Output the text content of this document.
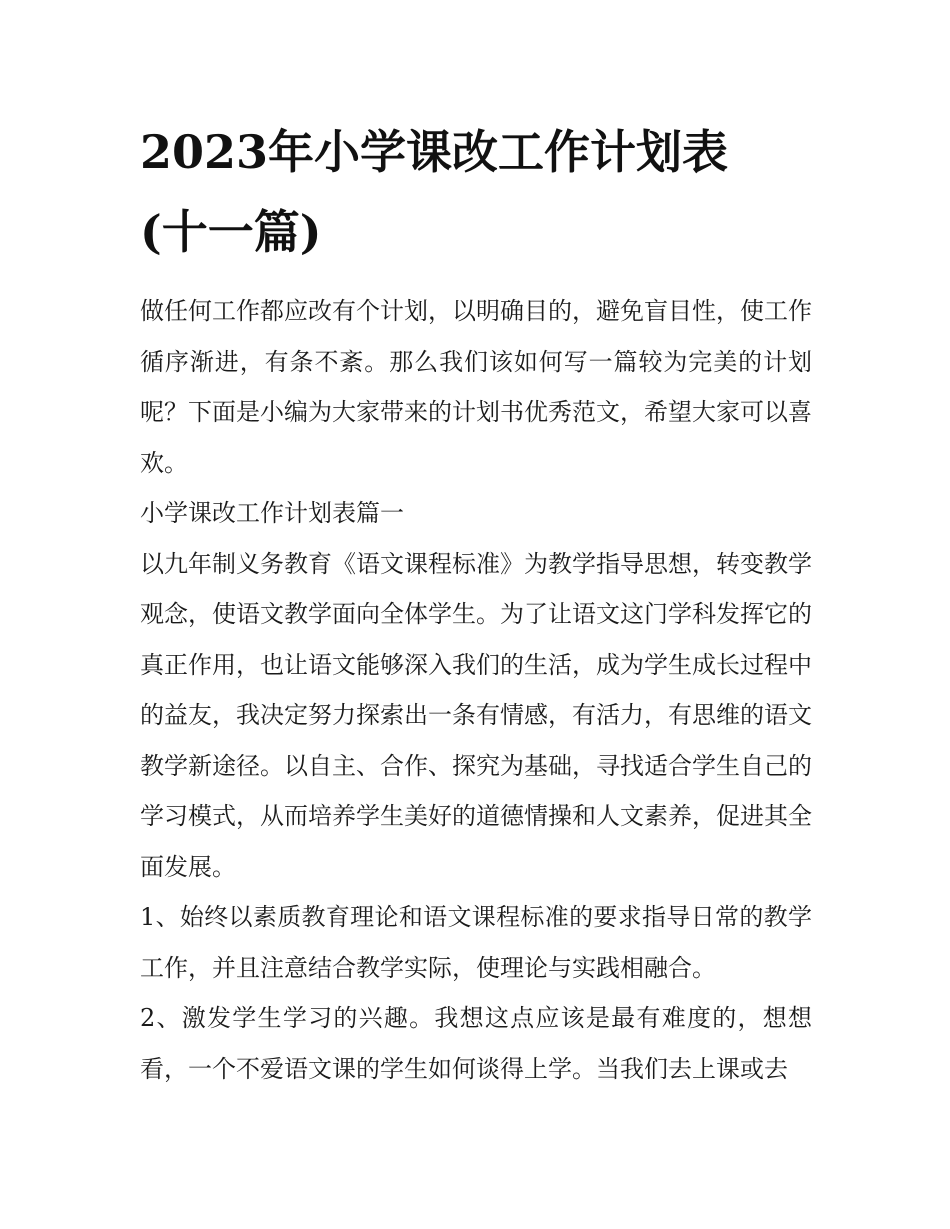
2023年小学课改工作计划表
(十一篇)

做任何工作都应改有个计划，以明确目的，避免盲目性，使工作循序渐进，有条不紊。那么我们该如何写一篇较为完美的计划呢？下面是小编为大家带来的计划书优秀范文，希望大家可以喜欢。

小学课改工作计划表篇一

以九年制义务教育《语文课程标准》为教学指导思想，转变教学观念，使语文教学面向全体学生。为了让语文这门学科发挥它的真正作用，也让语文能够深入我们的生活，成为学生成长过程中的益友，我决定努力探索出一条有情感，有活力，有思维的语文教学新途径。以自主、合作、探究为基础，寻找适合学生自己的学习模式，从而培养学生美好的道德情操和人文素养，促进其全面发展。

1、始终以素质教育理论和语文课程标准的要求指导日常的教学工作，并且注意结合教学实际，使理论与实践相融合。

2、激发学生学习的兴趣。我想这点应该是最有难度的，想想看，一个不爱语文课的学生如何谈得上学。当我们去上课或去
